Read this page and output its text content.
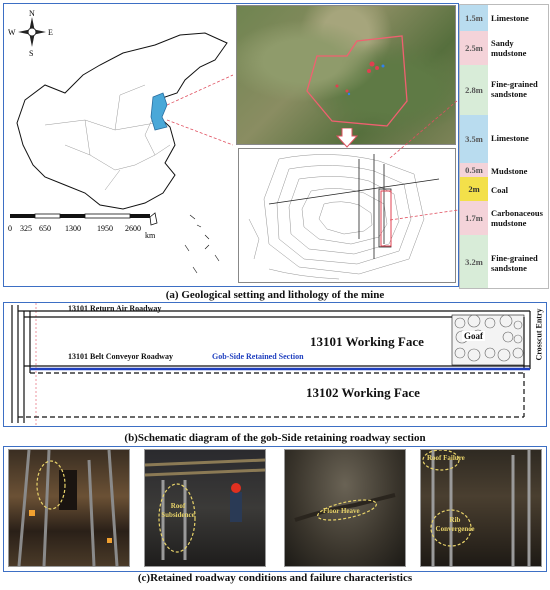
N
S
W	E
0 325 650 1300 1950 2600
km
1.5m Limestone
2.5m Sandy mudstone
2.8m
Fine-grained sandstone
3.5m Limestone
0.5m Mudstone
2m	Coal
1.7m Carbonaceous mudstone
3.2m Fine-grained sandstone
(a) Geological setting and lithology of the mine
13101 Return Air Roadway
13101 Working Face	Goaf
13101 Belt Conveyor Roadway	Gob-Side Retained Section
13102 Working Face
Crosscut Entry
(b)Schematic diagram of the gob-Side retaining roadway section
Roof Subsidence	Floor Heave
Roof Failure
Rib Convergence
(c)Retained roadway conditions and failure characteristics
